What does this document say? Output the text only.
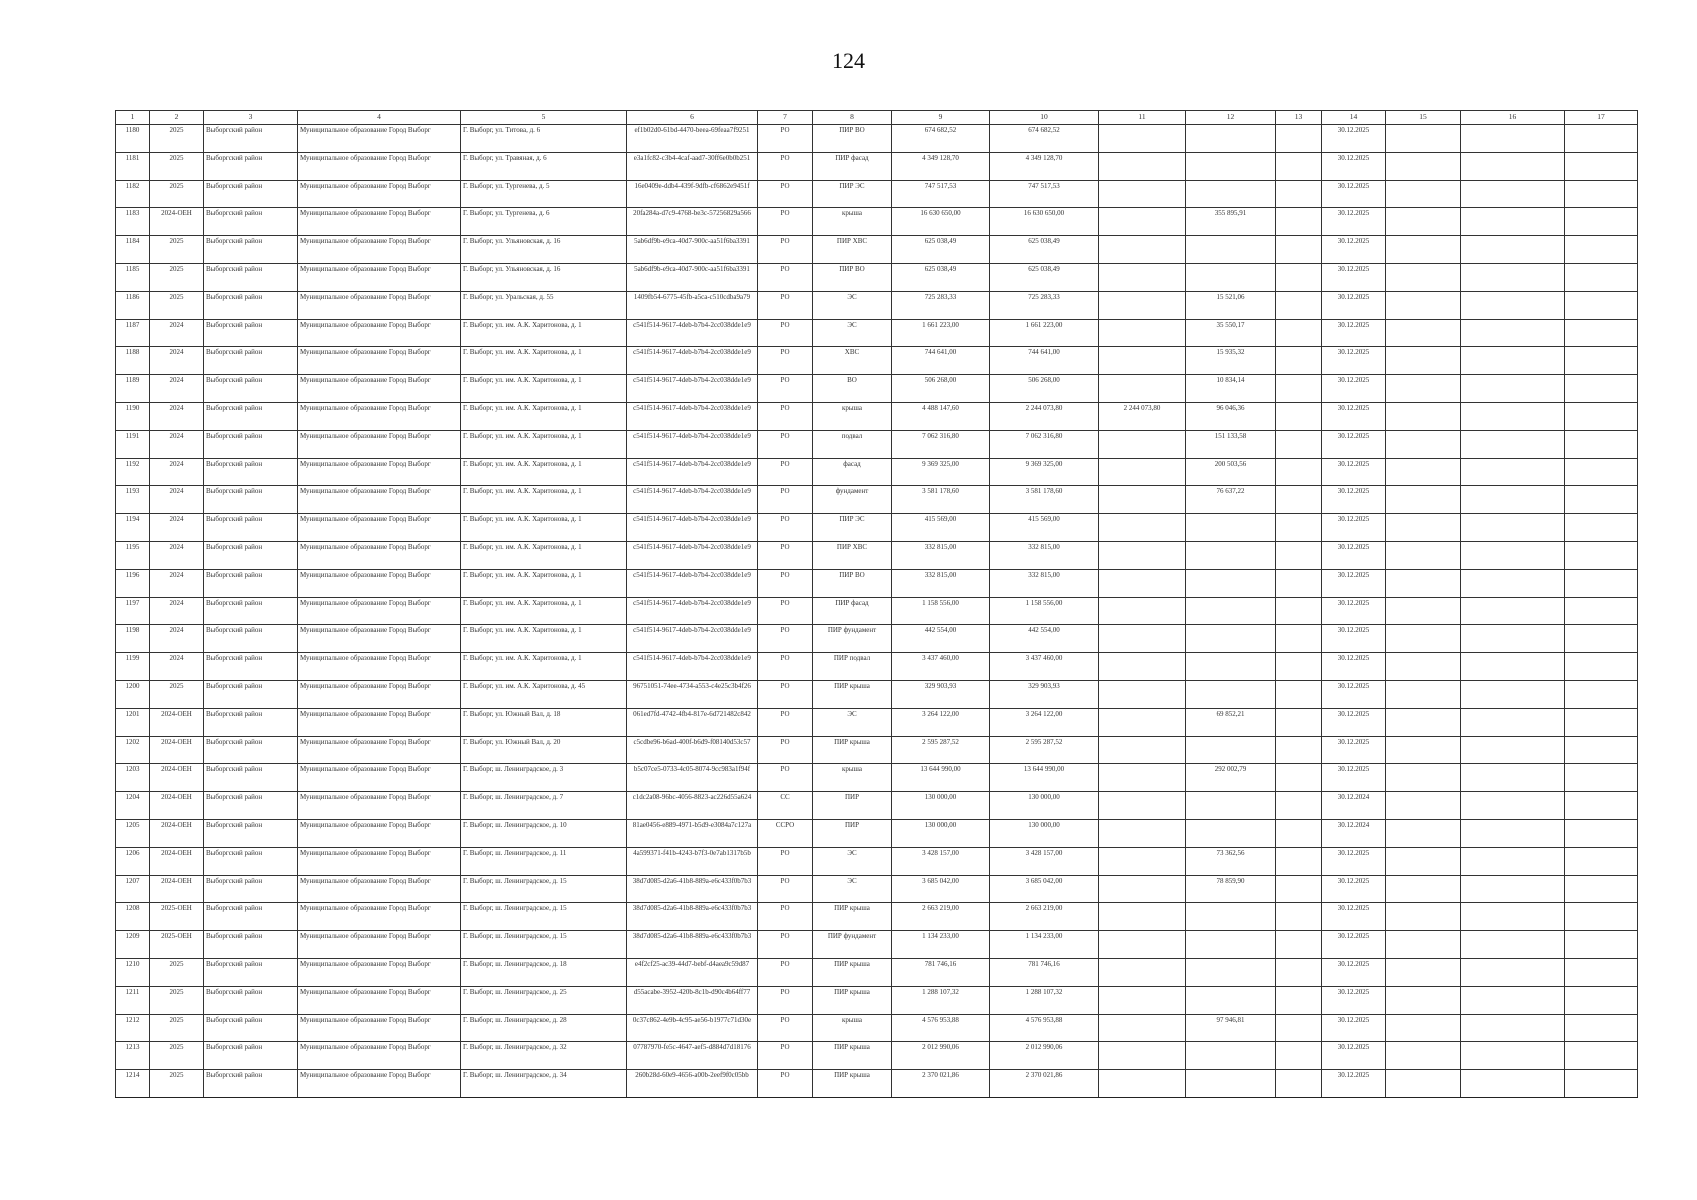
124
1	2	3	4	5	6	7	8	9	10	11	12	13	14	15	16	17
1180	2025	Выборгский район	Муниципальное образование Город Выборг	Г. Выборг, ул. Титова, д. 6	ef1b02d0-61bd-4470-beea-69feaa7f9251	РО	ПИР ВО	674 682,52	674 682,52				30.12.2025			
1181	2025	Выборгский район	Муниципальное образование Город Выборг	Г. Выборг, ул. Травяная, д. 6	e3a1fc82-c3b4-4caf-aad7-30ff6e0b0b251	РО	ПИР фасад	4 349 128,70	4 349 128,70				30.12.2025			
1182	2025	Выборгский район	Муниципальное образование Город Выборг	Г. Выборг, ул. Тургенева, д. 5	16e0409e-ddb4-439f-9dfb-cf6862e9451f	РО	ПИР ЭС	747 517,53	747 517,53				30.12.2025			
1183	2024-ОЕН	Выборгский район	Муниципальное образование Город Выборг	Г. Выборг, ул. Тургенева, д. 6	20fa284a-d7c9-4768-be3c-57256829a566	РО	крыша	16 630 650,00	16 630 650,00		355 895,91		30.12.2025			
1184	2025	Выборгский район	Муниципальное образование Город Выборг	Г. Выборг, ул. Ульяновская, д. 16	5ab6df9b-e9ca-40d7-900c-aa51f6ba3391	РО	ПИР ХВС	625 038,49	625 038,49				30.12.2025			
1185	2025	Выборгский район	Муниципальное образование Город Выборг	Г. Выборг, ул. Ульяновская, д. 16	5ab6df9b-e9ca-40d7-900c-aa51f6ba3391	РО	ПИР ВО	625 038,49	625 038,49				30.12.2025			
1186	2025	Выборгский район	Муниципальное образование Город Выборг	Г. Выборг, ул. Уральская, д. 55	1409fb54-6775-45fb-a5ca-c510cdba9a79	РО	ЭС	725 283,33	725 283,33		15 521,06		30.12.2025			
1187	2024	Выборгский район	Муниципальное образование Город Выборг	Г. Выборг, ул. им. А.К. Харитонова, д. 1	c541f514-9617-4deb-b7b4-2cc038dde1e9	РО	ЭС	1 661 223,00	1 661 223,00		35 550,17		30.12.2025			
1188	2024	Выборгский район	Муниципальное образование Город Выборг	Г. Выборг, ул. им. А.К. Харитонова, д. 1	c541f514-9617-4deb-b7b4-2cc038dde1e9	РО	ХВС	744 641,00	744 641,00		15 935,32		30.12.2025			
1189	2024	Выборгский район	Муниципальное образование Город Выборг	Г. Выборг, ул. им. А.К. Харитонова, д. 1	c541f514-9617-4deb-b7b4-2cc038dde1e9	РО	ВО	506 268,00	506 268,00		10 834,14		30.12.2025			
1190	2024	Выборгский район	Муниципальное образование Город Выборг	Г. Выборг, ул. им. А.К. Харитонова, д. 1	c541f514-9617-4deb-b7b4-2cc038dde1e9	РО	крыша	4 488 147,60	2 244 073,80	2 244 073,80	96 046,36		30.12.2025			
1191	2024	Выборгский район	Муниципальное образование Город Выборг	Г. Выборг, ул. им. А.К. Харитонова, д. 1	c541f514-9617-4deb-b7b4-2cc038dde1e9	РО	подвал	7 062 316,80	7 062 316,80		151 133,58		30.12.2025			
1192	2024	Выборгский район	Муниципальное образование Город Выборг	Г. Выборг, ул. им. А.К. Харитонова, д. 1	c541f514-9617-4deb-b7b4-2cc038dde1e9	РО	фасад	9 369 325,00	9 369 325,00		200 503,56		30.12.2025			
1193	2024	Выборгский район	Муниципальное образование Город Выборг	Г. Выборг, ул. им. А.К. Харитонова, д. 1	c541f514-9617-4deb-b7b4-2cc038dde1e9	РО	фундамент	3 581 178,60	3 581 178,60		76 637,22		30.12.2025			
1194	2024	Выборгский район	Муниципальное образование Город Выборг	Г. Выборг, ул. им. А.К. Харитонова, д. 1	c541f514-9617-4deb-b7b4-2cc038dde1e9	РО	ПИР ЭС	415 569,00	415 569,00				30.12.2025			
1195	2024	Выборгский район	Муниципальное образование Город Выборг	Г. Выборг, ул. им. А.К. Харитонова, д. 1	c541f514-9617-4deb-b7b4-2cc038dde1e9	РО	ПИР ХВС	332 815,00	332 815,00				30.12.2025			
1196	2024	Выборгский район	Муниципальное образование Город Выборг	Г. Выборг, ул. им. А.К. Харитонова, д. 1	c541f514-9617-4deb-b7b4-2cc038dde1e9	РО	ПИР ВО	332 815,00	332 815,00				30.12.2025			
1197	2024	Выборгский район	Муниципальное образование Город Выборг	Г. Выборг, ул. им. А.К. Харитонова, д. 1	c541f514-9617-4deb-b7b4-2cc038dde1e9	РО	ПИР фасад	1 158 556,00	1 158 556,00				30.12.2025			
1198	2024	Выборгский район	Муниципальное образование Город Выборг	Г. Выборг, ул. им. А.К. Харитонова, д. 1	c541f514-9617-4deb-b7b4-2cc038dde1e9	РО	ПИР фундамент	442 554,00	442 554,00				30.12.2025			
1199	2024	Выборгский район	Муниципальное образование Город Выборг	Г. Выборг, ул. им. А.К. Харитонова, д. 1	c541f514-9617-4deb-b7b4-2cc038dde1e9	РО	ПИР подвал	3 437 460,00	3 437 460,00				30.12.2025			
1200	2025	Выборгский район	Муниципальное образование Город Выборг	Г. Выборг, ул. им. А.К. Харитонова, д. 45	96751051-74ee-4734-a553-c4e25c3b4f26	РО	ПИР крыша	329 903,93	329 903,93				30.12.2025			
1201	2024-ОЕН	Выборгский район	Муниципальное образование Город Выборг	Г. Выборг, ул. Южный Вал, д. 18	061ed7fd-4742-4fb4-817e-6d721482c842	РО	ЭС	3 264 122,00	3 264 122,00		69 852,21		30.12.2025			
1202	2024-ОЕН	Выборгский район	Муниципальное образование Город Выборг	Г. Выборг, ул. Южный Вал, д. 20	c5cdbe96-b6ad-400f-b6d9-f08140d53c57	РО	ПИР крыша	2 595 287,52	2 595 287,52				30.12.2025			
1203	2024-ОЕН	Выборгский район	Муниципальное образование Город Выборг	Г. Выборг, ш. Ленинградское, д. 3	b5c07ce5-0733-4c05-8074-9cc983a1f94f	РО	крыша	13 644 990,00	13 644 990,00		292 002,79		30.12.2025			
1204	2024-ОЕН	Выборгский район	Муниципальное образование Город Выборг	Г. Выборг, ш. Ленинградское, д. 7	c1dc2a08-96bc-4056-8823-ac226d55a624	СС	ПИР	130 000,00	130 000,00				30.12.2024			
1205	2024-ОЕН	Выборгский район	Муниципальное образование Город Выборг	Г. Выборг, ш. Ленинградское, д. 10	81ae0456-e889-4971-b5d9-e3084a7c127a	ССРО	ПИР	130 000,00	130 000,00				30.12.2024			
1206	2024-ОЕН	Выборгский район	Муниципальное образование Город Выборг	Г. Выборг, ш. Ленинградское, д. 11	4a599371-f41b-4243-b7f3-0e7ab1317b5b	РО	ЭС	3 428 157,00	3 428 157,00		73 362,56		30.12.2025			
1207	2024-ОЕН	Выборгский район	Муниципальное образование Город Выборг	Г. Выборг, ш. Ленинградское, д. 15	38d7d085-d2a6-41b8-889a-e6c433f0b7b3	РО	ЭС	3 685 042,00	3 685 042,00		78 859,90		30.12.2025			
1208	2025-ОЕН	Выборгский район	Муниципальное образование Город Выборг	Г. Выборг, ш. Ленинградское, д. 15	38d7d085-d2a6-41b8-889a-e6c433f0b7b3	РО	ПИР крыша	2 663 219,00	2 663 219,00				30.12.2025			
1209	2025-ОЕН	Выборгский район	Муниципальное образование Город Выборг	Г. Выборг, ш. Ленинградское, д. 15	38d7d085-d2a6-41b8-889a-e6c433f0b7b3	РО	ПИР фундамент	1 134 233,00	1 134 233,00				30.12.2025			
1210	2025	Выборгский район	Муниципальное образование Город Выборг	Г. Выборг, ш. Ленинградское, д. 18	e4f2cf25-ac39-44d7-bebf-d4aea9c59d87	РО	ПИР крыша	781 746,16	781 746,16				30.12.2025			
1211	2025	Выборгский район	Муниципальное образование Город Выборг	Г. Выборг, ш. Ленинградское, д. 25	d55acabe-3952-420b-8c1b-d90c4b64ff77	РО	ПИР крыша	1 288 107,32	1 288 107,32				30.12.2025			
1212	2025	Выборгский район	Муниципальное образование Город Выборг	Г. Выборг, ш. Ленинградское, д. 28	0c37c862-4e9b-4c95-ae56-b1977c71d30e	РО	крыша	4 576 953,88	4 576 953,88		97 946,81		30.12.2025			
1213	2025	Выборгский район	Муниципальное образование Город Выборг	Г. Выборг, ш. Ленинградское, д. 32	07787970-fe5c-4647-aef5-d884d7d18176	РО	ПИР крыша	2 012 990,06	2 012 990,06				30.12.2025			
1214	2025	Выборгский район	Муниципальное образование Город Выборг	Г. Выборг, ш. Ленинградское, д. 34	260b28d-60e9-4656-a00b-2eef9f0c05bb	РО	ПИР крыша	2 370 021,86	2 370 021,86				30.12.2025			
